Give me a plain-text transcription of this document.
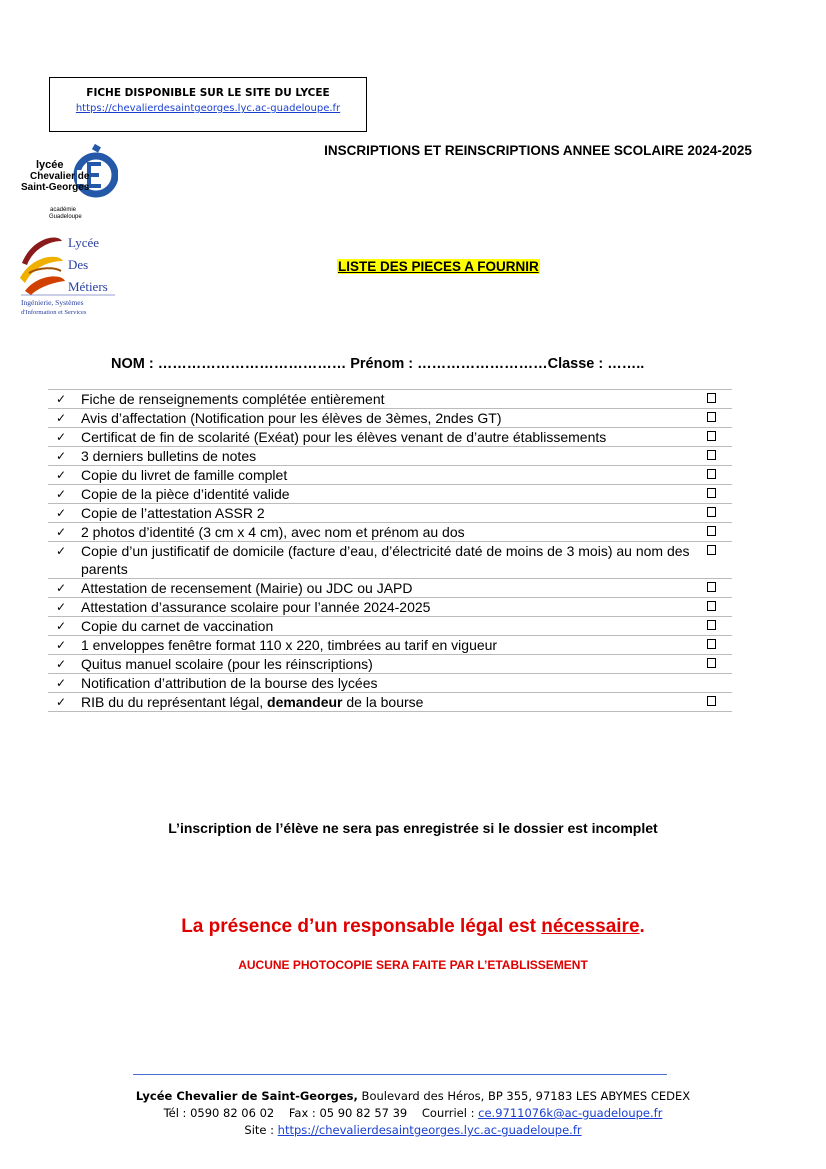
FICHE DISPONIBLE SUR LE SITE DU LYCEE
https://chevalierdesaintgeorges.lyc.ac-guadeloupe.fr
lycée
Chevalier de
Saint-Georges
académie
Guadeloupe
Lycée
Des
Métiers
Ingénierie, Systèmes
d'Information et Services
INSCRIPTIONS ET REINSCRIPTIONS ANNEE SCOLAIRE 2024-2025
LISTE DES PIECES A FOURNIR
NOM : ………………………………… Prénom : ………………………Classe : ……..
✓ Fiche de renseignements complétée entièrement
✓ Avis d’affectation (Notification pour les élèves de 3èmes, 2ndes GT)
✓ Certificat de fin de scolarité (Exéat) pour les élèves venant de d’autre établissements
✓ 3 derniers bulletins de notes
✓ Copie du livret de famille complet
✓ Copie de la pièce d’identité valide
✓ Copie de l’attestation ASSR 2
✓ 2 photos d’identité (3 cm x 4 cm), avec nom et prénom au dos
✓ Copie d’un justificatif de domicile (facture d’eau, d’électricité daté de moins de 3 mois) au nom des parents
✓ Attestation de recensement (Mairie) ou JDC ou JAPD
✓ Attestation d’assurance scolaire pour l’année 2024-2025
✓ Copie du carnet de vaccination
✓ 1 enveloppes fenêtre format 110 x 220, timbrées au tarif en vigueur
✓ Quitus manuel scolaire (pour les réinscriptions)
✓ Notification d’attribution de la bourse des lycées
✓ RIB du du représentant légal, demandeur de la bourse
L’inscription de l’élève ne sera pas enregistrée si le dossier est incomplet
La présence d’un responsable légal est nécessaire.
AUCUNE PHOTOCOPIE SERA FAITE PAR L’ETABLISSEMENT
Lycée Chevalier de Saint-Georges, Boulevard des Héros, BP 355, 97183 LES ABYMES CEDEX
Tél : 0590 82 06 02 Fax : 05 90 82 57 39 Courriel : ce.9711076k@ac-guadeloupe.fr
Site : https://chevalierdesaintgeorges.lyc.ac-guadeloupe.fr
